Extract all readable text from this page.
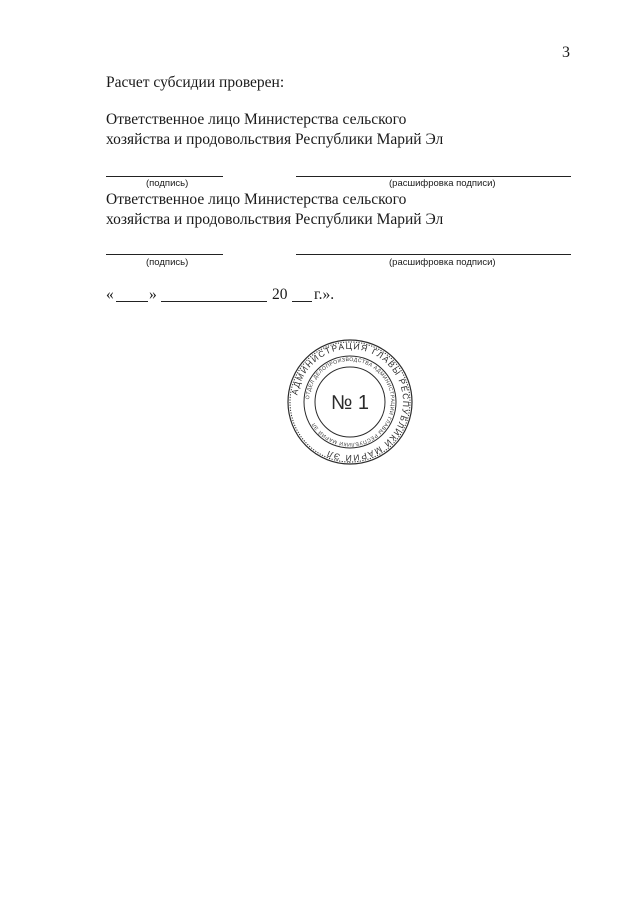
3
Расчет субсидии проверен:
Ответственное лицо Министерства сельского
хозяйства и продовольствия Республики Марий Эл
(подпись)	(расшифровка подписи)
Ответственное лицо Министерства сельского
хозяйства и продовольствия Республики Марий Эл
(подпись)	(расшифровка подписи)
« »	20 г.».
АДМИНИСТРАЦИЯ ГЛАВЫ РЕСПУБЛИКИ МАРИЙ ЭЛ
ОТДЕЛ ДЕЛОПРОИЗВОДСТВА АДМИНИСТРАЦИИ ГЛАВЫ РЕСПУБЛИКИ МАРИЙ ЭЛ
№ 1
